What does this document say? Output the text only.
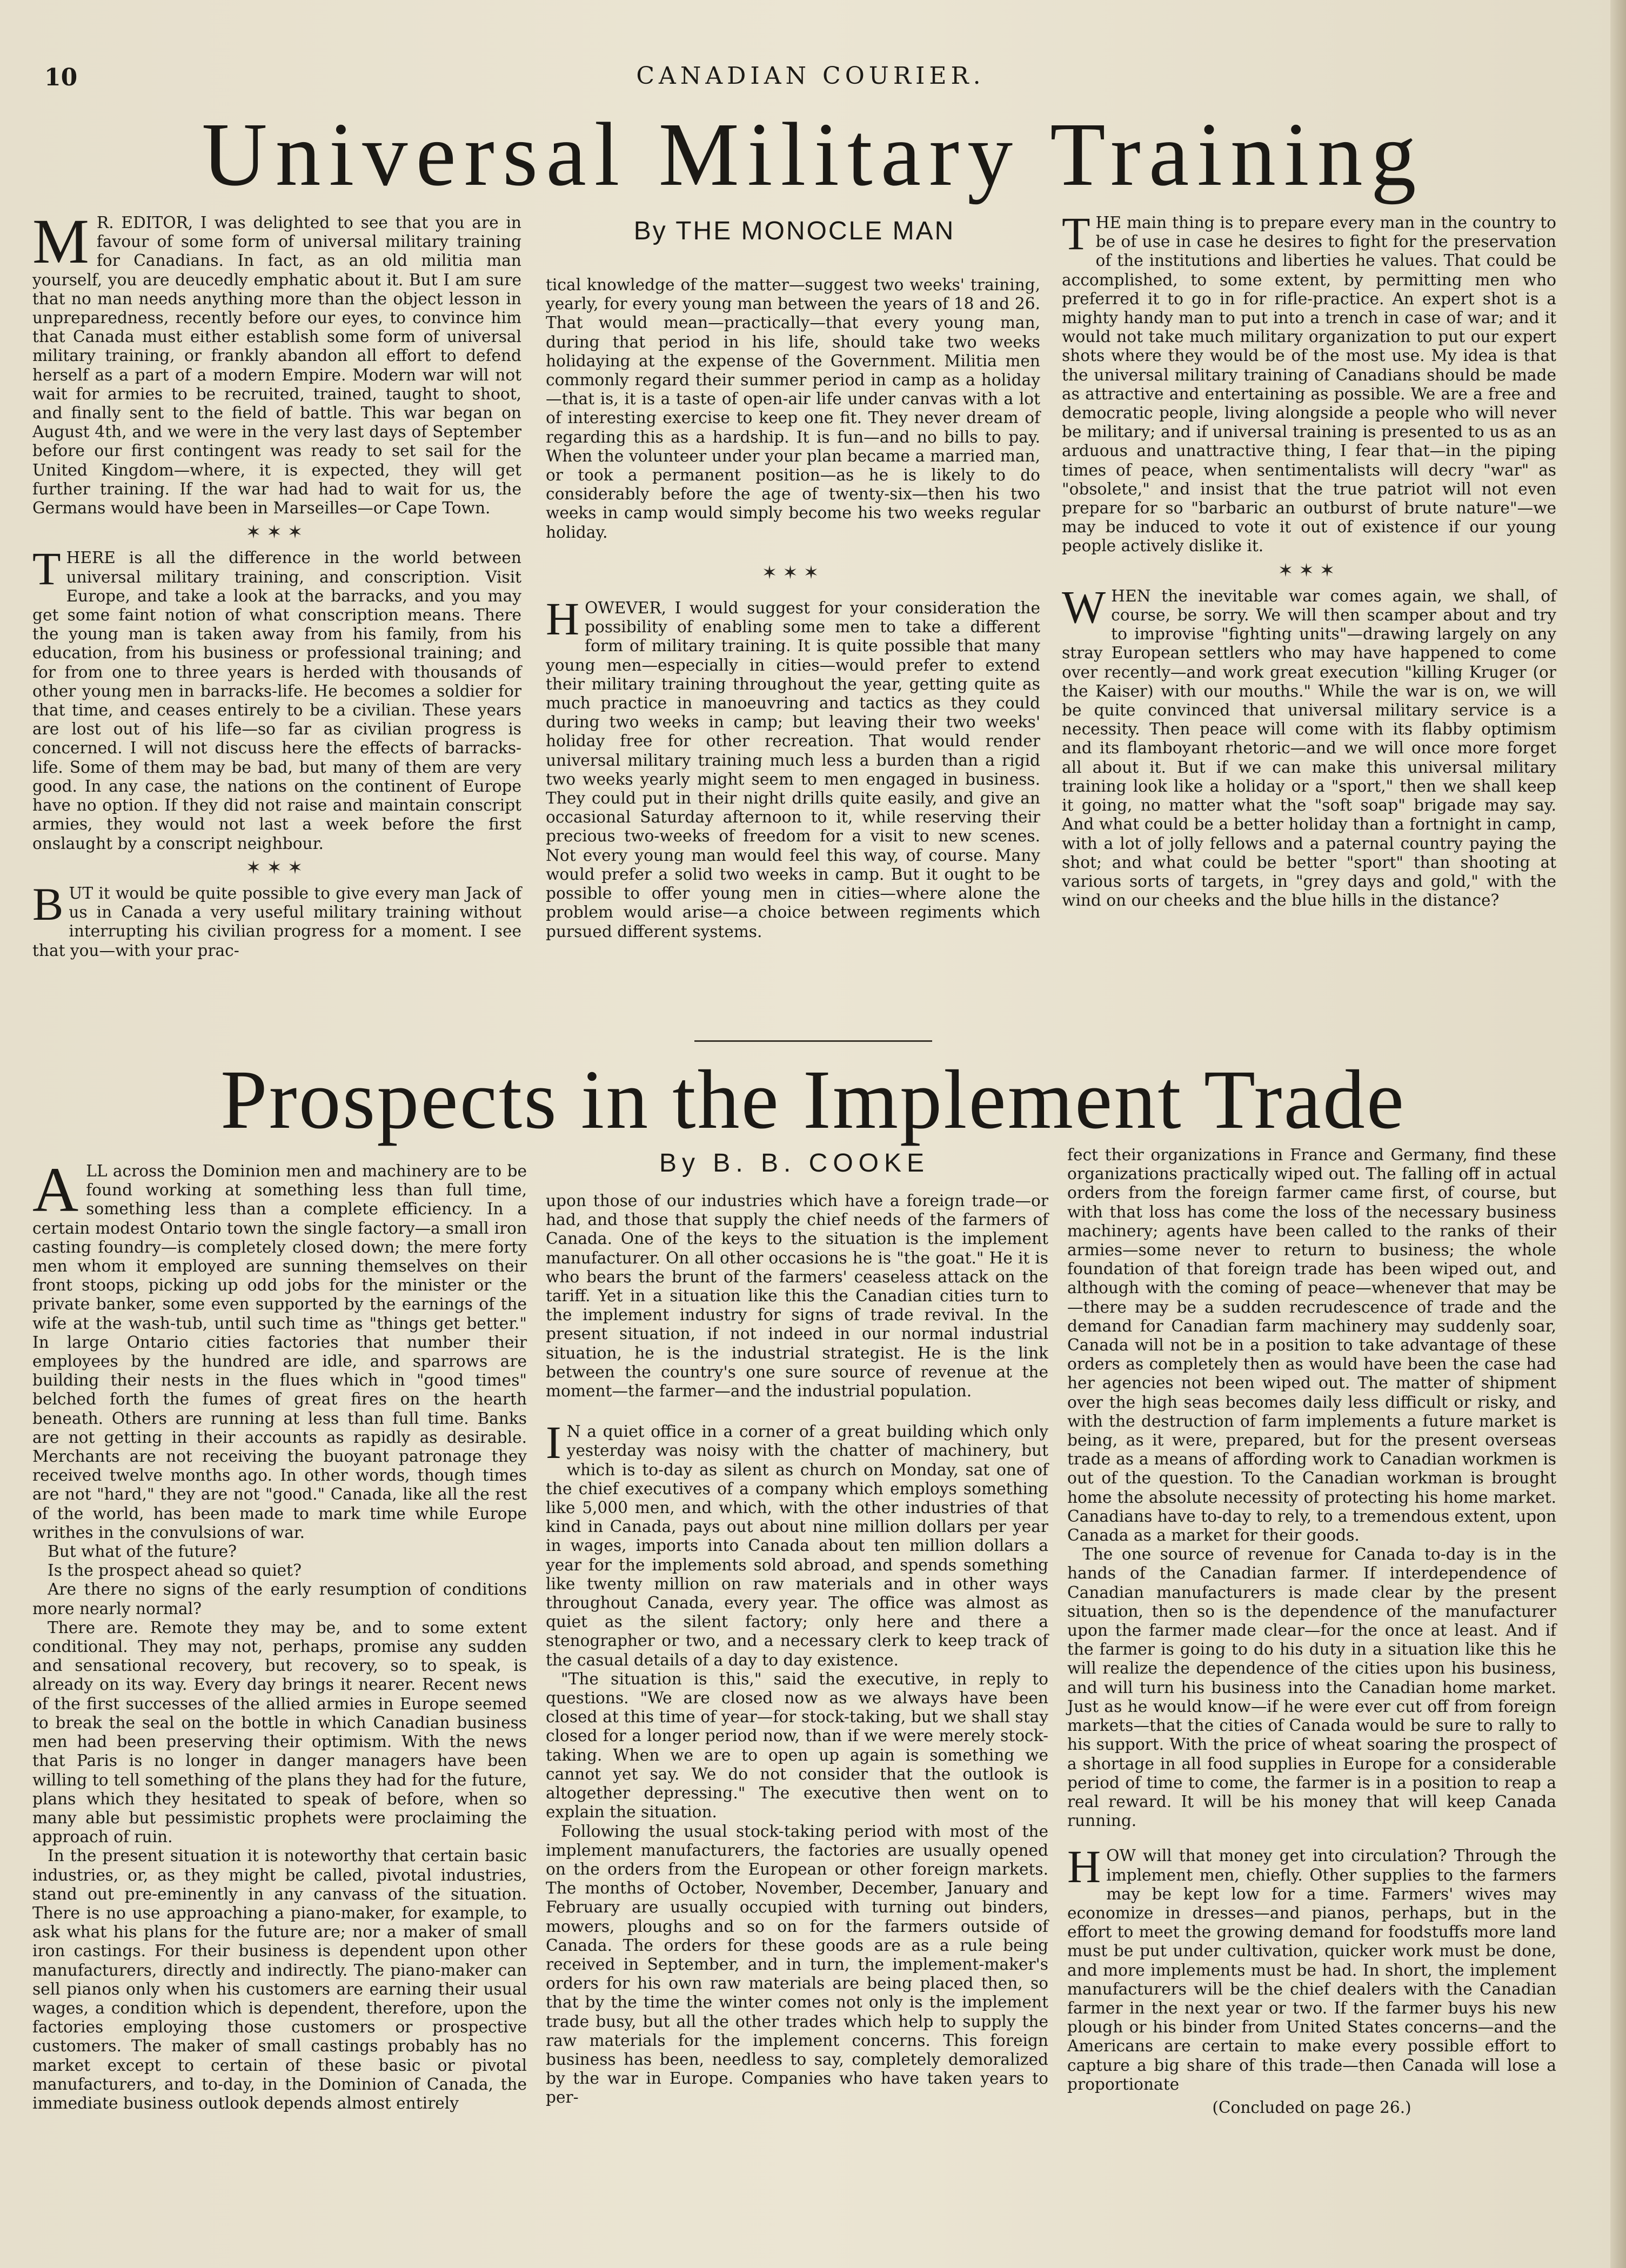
10	CANADIAN COURIER.
Universal Military Training
By THE MONOCLE MAN

M R. EDITOR, I was delighted to see that you are in favour of some form of universal military training for Canadians. In fact, as an old militia man yourself, you are deucedly emphatic about it. But I am sure that no man needs anything more than the object lesson in unpreparedness, recently before our eyes, to convince him that Canada must either establish some form of universal military training, or frankly abandon all effort to defend herself as a part of a modern Empire. Modern war will not wait for armies to be recruited, trained, taught to shoot, and finally sent to the field of battle. This war began on August 4th, and we were in the very last days of September before our first contingent was ready to set sail for the United Kingdom—where, it is expected, they will get further training. If the war had had to wait for us, the Germans would have been in Marseilles—or Cape Town.

✶✶✶

THERE is all the difference in the world between universal military training, and conscription. Visit Europe, and take a look at the barracks, and you may get some faint notion of what conscription means. There the young man is taken away from his family, from his education, from his business or professional training; and for from one to three years is herded with thousands of other young men in barracks-life. He becomes a soldier for that time, and ceases entirely to be a civilian. These years are lost out of his life—so far as civilian progress is concerned. I will not discuss here the effects of barracks-life. Some of them may be bad, but many of them are very good. In any case, the nations on the continent of Europe have no option. If they did not raise and maintain conscript armies, they would not last a week before the first onslaught by a conscript neighbour.

✶✶✶

BUT it would be quite possible to give every man Jack of us in Canada a very useful military training without interrupting his civilian progress for a moment. I see that you—with your prac-

tical knowledge of the matter—suggest two weeks' training, yearly, for every young man between the years of 18 and 26. That would mean—practically—that every young man, during that period in his life, should take two weeks holidaying at the expense of the Government. Militia men commonly regard their summer period in camp as a holiday—that is, it is a taste of open-air life under canvas with a lot of interesting exercise to keep one fit. They never dream of regarding this as a hardship. It is fun—and no bills to pay. When the volunteer under your plan became a married man, or took a permanent position—as he is likely to do considerably before the age of twenty-six—then his two weeks in camp would simply become his two weeks regular holiday.

✶✶✶

HOWEVER, I would suggest for your consideration the possibility of enabling some men to take a different form of military training. It is quite possible that many young men—especially in cities—would prefer to extend their military training throughout the year, getting quite as much practice in manoeuvring and tactics as they could during two weeks in camp; but leaving their two weeks' holiday free for other recreation. That would render universal military training much less a burden than a rigid two weeks yearly might seem to men engaged in business. They could put in their night drills quite easily, and give an occasional Saturday afternoon to it, while reserving their precious two-weeks of freedom for a visit to new scenes. Not every young man would feel this way, of course. Many would prefer a solid two weeks in camp. But it ought to be possible to offer young men in cities—where alone the problem would arise—a choice between regiments which pursued different systems.

THE main thing is to prepare every man in the country to be of use in case he desires to fight for the preservation of the institutions and liberties he values. That could be accomplished, to some extent, by permitting men who preferred it to go in for rifle-practice. An expert shot is a mighty handy man to put into a trench in case of war; and it would not take much military organization to put our expert shots where they would be of the most use. My idea is that the universal military training of Canadians should be made as attractive and entertaining as possible. We are a free and democratic people, living alongside a people who will never be military; and if universal training is presented to us as an arduous and unattractive thing, I fear that—in the piping times of peace, when sentimentalists will decry "war" as "obsolete," and insist that the true patriot will not even prepare for so "barbaric an outburst of brute nature"—we may be induced to vote it out of existence if our young people actively dislike it.

✶✶✶

WHEN the inevitable war comes again, we shall, of course, be sorry. We will then scamper about and try to improvise "fighting units"—drawing largely on any stray European settlers who may have happened to come over recently—and work great execution "killing Kruger (or the Kaiser) with our mouths." While the war is on, we will be quite convinced that universal military service is a necessity. Then peace will come with its flabby optimism and its flamboyant rhetoric—and we will once more forget all about it. But if we can make this universal military training look like a holiday or a "sport," then we shall keep it going, no matter what the "soft soap" brigade may say. And what could be a better holiday than a fortnight in camp, with a lot of jolly fellows and a paternal country paying the shot; and what could be better "sport" than shooting at various sorts of targets, in "grey days and gold," with the wind on our cheeks and the blue hills in the distance?

Prospects in the Implement Trade
By B. B. COOKE

ALL across the Dominion men and machinery are to be found working at something less than full time, something less than a complete efficiency. In a certain modest Ontario town the single factory—a small iron casting foundry—is completely closed down; the mere forty men whom it employed are sunning themselves on their front stoops, picking up odd jobs for the minister or the private banker, some even supported by the earnings of the wife at the wash-tub, until such time as "things get better." In large Ontario cities factories that number their employees by the hundred are idle, and sparrows are building their nests in the flues which in "good times" belched forth the fumes of great fires on the hearth beneath. Others are running at less than full time. Banks are not getting in their accounts as rapidly as desirable. Merchants are not receiving the buoyant patronage they received twelve months ago. In other words, though times are not "hard," they are not "good." Canada, like all the rest of the world, has been made to mark time while Europe writhes in the convulsions of war.

But what of the future?

Is the prospect ahead so quiet?

Are there no signs of the early resumption of conditions more nearly normal?

There are. Remote they may be, and to some extent conditional. They may not, perhaps, promise any sudden and sensational recovery, but recovery, so to speak, is already on its way. Every day brings it nearer. Recent news of the first successes of the allied armies in Europe seemed to break the seal on the bottle in which Canadian business men had been preserving their optimism. With the news that Paris is no longer in danger managers have been willing to tell something of the plans they had for the future, plans which they hesitated to speak of before, when so many able but pessimistic prophets were proclaiming the approach of ruin.

In the present situation it is noteworthy that certain basic industries, or, as they might be called, pivotal industries, stand out pre-eminently in any canvass of the situation. There is no use approaching a piano-maker, for example, to ask what his plans for the future are; nor a maker of small iron castings. For their business is dependent upon other manufacturers, directly and indirectly. The piano-maker can sell pianos only when his customers are earning their usual wages, a condition which is dependent, therefore, upon the factories employing those customers or prospective customers. The maker of small castings probably has no market except to certain of these basic or pivotal manufacturers, and to-day, in the Dominion of Canada, the immediate business outlook depends almost entirely

upon those of our industries which have a foreign trade—or had, and those that supply the chief needs of the farmers of Canada. One of the keys to the situation is the implement manufacturer. On all other occasions he is "the goat." He it is who bears the brunt of the farmers' ceaseless attack on the tariff. Yet in a situation like this the Canadian cities turn to the implement industry for signs of trade revival. In the present situation, if not indeed in our normal industrial situation, he is the industrial strategist. He is the link between the country's one sure source of revenue at the moment—the farmer—and the industrial population.

I N a quiet office in a corner of a great building which only yesterday was noisy with the chatter of machinery, but which is to-day as silent as church on Monday, sat one of the chief executives of a company which employs something like 5,000 men, and which, with the other industries of that kind in Canada, pays out about nine million dollars per year in wages, imports into Canada about ten million dollars a year for the implements sold abroad, and spends something like twenty million on raw materials and in other ways throughout Canada, every year. The office was almost as quiet as the silent factory; only here and there a stenographer or two, and a necessary clerk to keep track of the casual details of a day to day existence.

"The situation is this," said the executive, in reply to questions. "We are closed now as we always have been closed at this time of year—for stock-taking, but we shall stay closed for a longer period now, than if we were merely stock-taking. When we are to open up again is something we cannot yet say. We do not consider that the outlook is altogether depressing." The executive then went on to explain the situation.

Following the usual stock-taking period with most of the implement manufacturers, the factories are usually opened on the orders from the European or other foreign markets. The months of October, November, December, January and February are usually occupied with turning out binders, mowers, ploughs and so on for the farmers outside of Canada. The orders for these goods are as a rule being received in September, and in turn, the implement-maker's orders for his own raw materials are being placed then, so that by the time the winter comes not only is the implement trade busy, but all the other trades which help to supply the raw materials for the implement concerns. This foreign business has been, needless to say, completely demoralized by the war in Europe. Companies who have taken years to per-

fect their organizations in France and Germany, find these organizations practically wiped out. The falling off in actual orders from the foreign farmer came first, of course, but with that loss has come the loss of the necessary business machinery; agents have been called to the ranks of their armies—some never to return to business; the whole foundation of that foreign trade has been wiped out, and although with the coming of peace—whenever that may be—there may be a sudden recrudescence of trade and the demand for Canadian farm machinery may suddenly soar, Canada will not be in a position to take advantage of these orders as completely then as would have been the case had her agencies not been wiped out. The matter of shipment over the high seas becomes daily less difficult or risky, and with the destruction of farm implements a future market is being, as it were, prepared, but for the present overseas trade as a means of affording work to Canadian workmen is out of the question. To the Canadian workman is brought home the absolute necessity of protecting his home market. Canadians have to-day to rely, to a tremendous extent, upon Canada as a market for their goods.

The one source of revenue for Canada to-day is in the hands of the Canadian farmer. If interdependence of Canadian manufacturers is made clear by the present situation, then so is the dependence of the manufacturer upon the farmer made clear—for the once at least. And if the farmer is going to do his duty in a situation like this he will realize the dependence of the cities upon his business, and will turn his business into the Canadian home market. Just as he would know—if he were ever cut off from foreign markets—that the cities of Canada would be sure to rally to his support. With the price of wheat soaring the prospect of a shortage in all food supplies in Europe for a considerable period of time to come, the farmer is in a position to reap a real reward. It will be his money that will keep Canada running.

HOW will that money get into circulation? Through the implement men, chiefly. Other supplies to the farmers may be kept low for a time. Farmers' wives may economize in dresses—and pianos, perhaps, but in the effort to meet the growing demand for foodstuffs more land must be put under cultivation, quicker work must be done, and more implements must be had. In short, the implement manufacturers will be the chief dealers with the Canadian farmer in the next year or two. If the farmer buys his new plough or his binder from United States concerns—and the Americans are certain to make every possible effort to capture a big share of this trade—then Canada will lose a proportionate

(Concluded on page 26.)
